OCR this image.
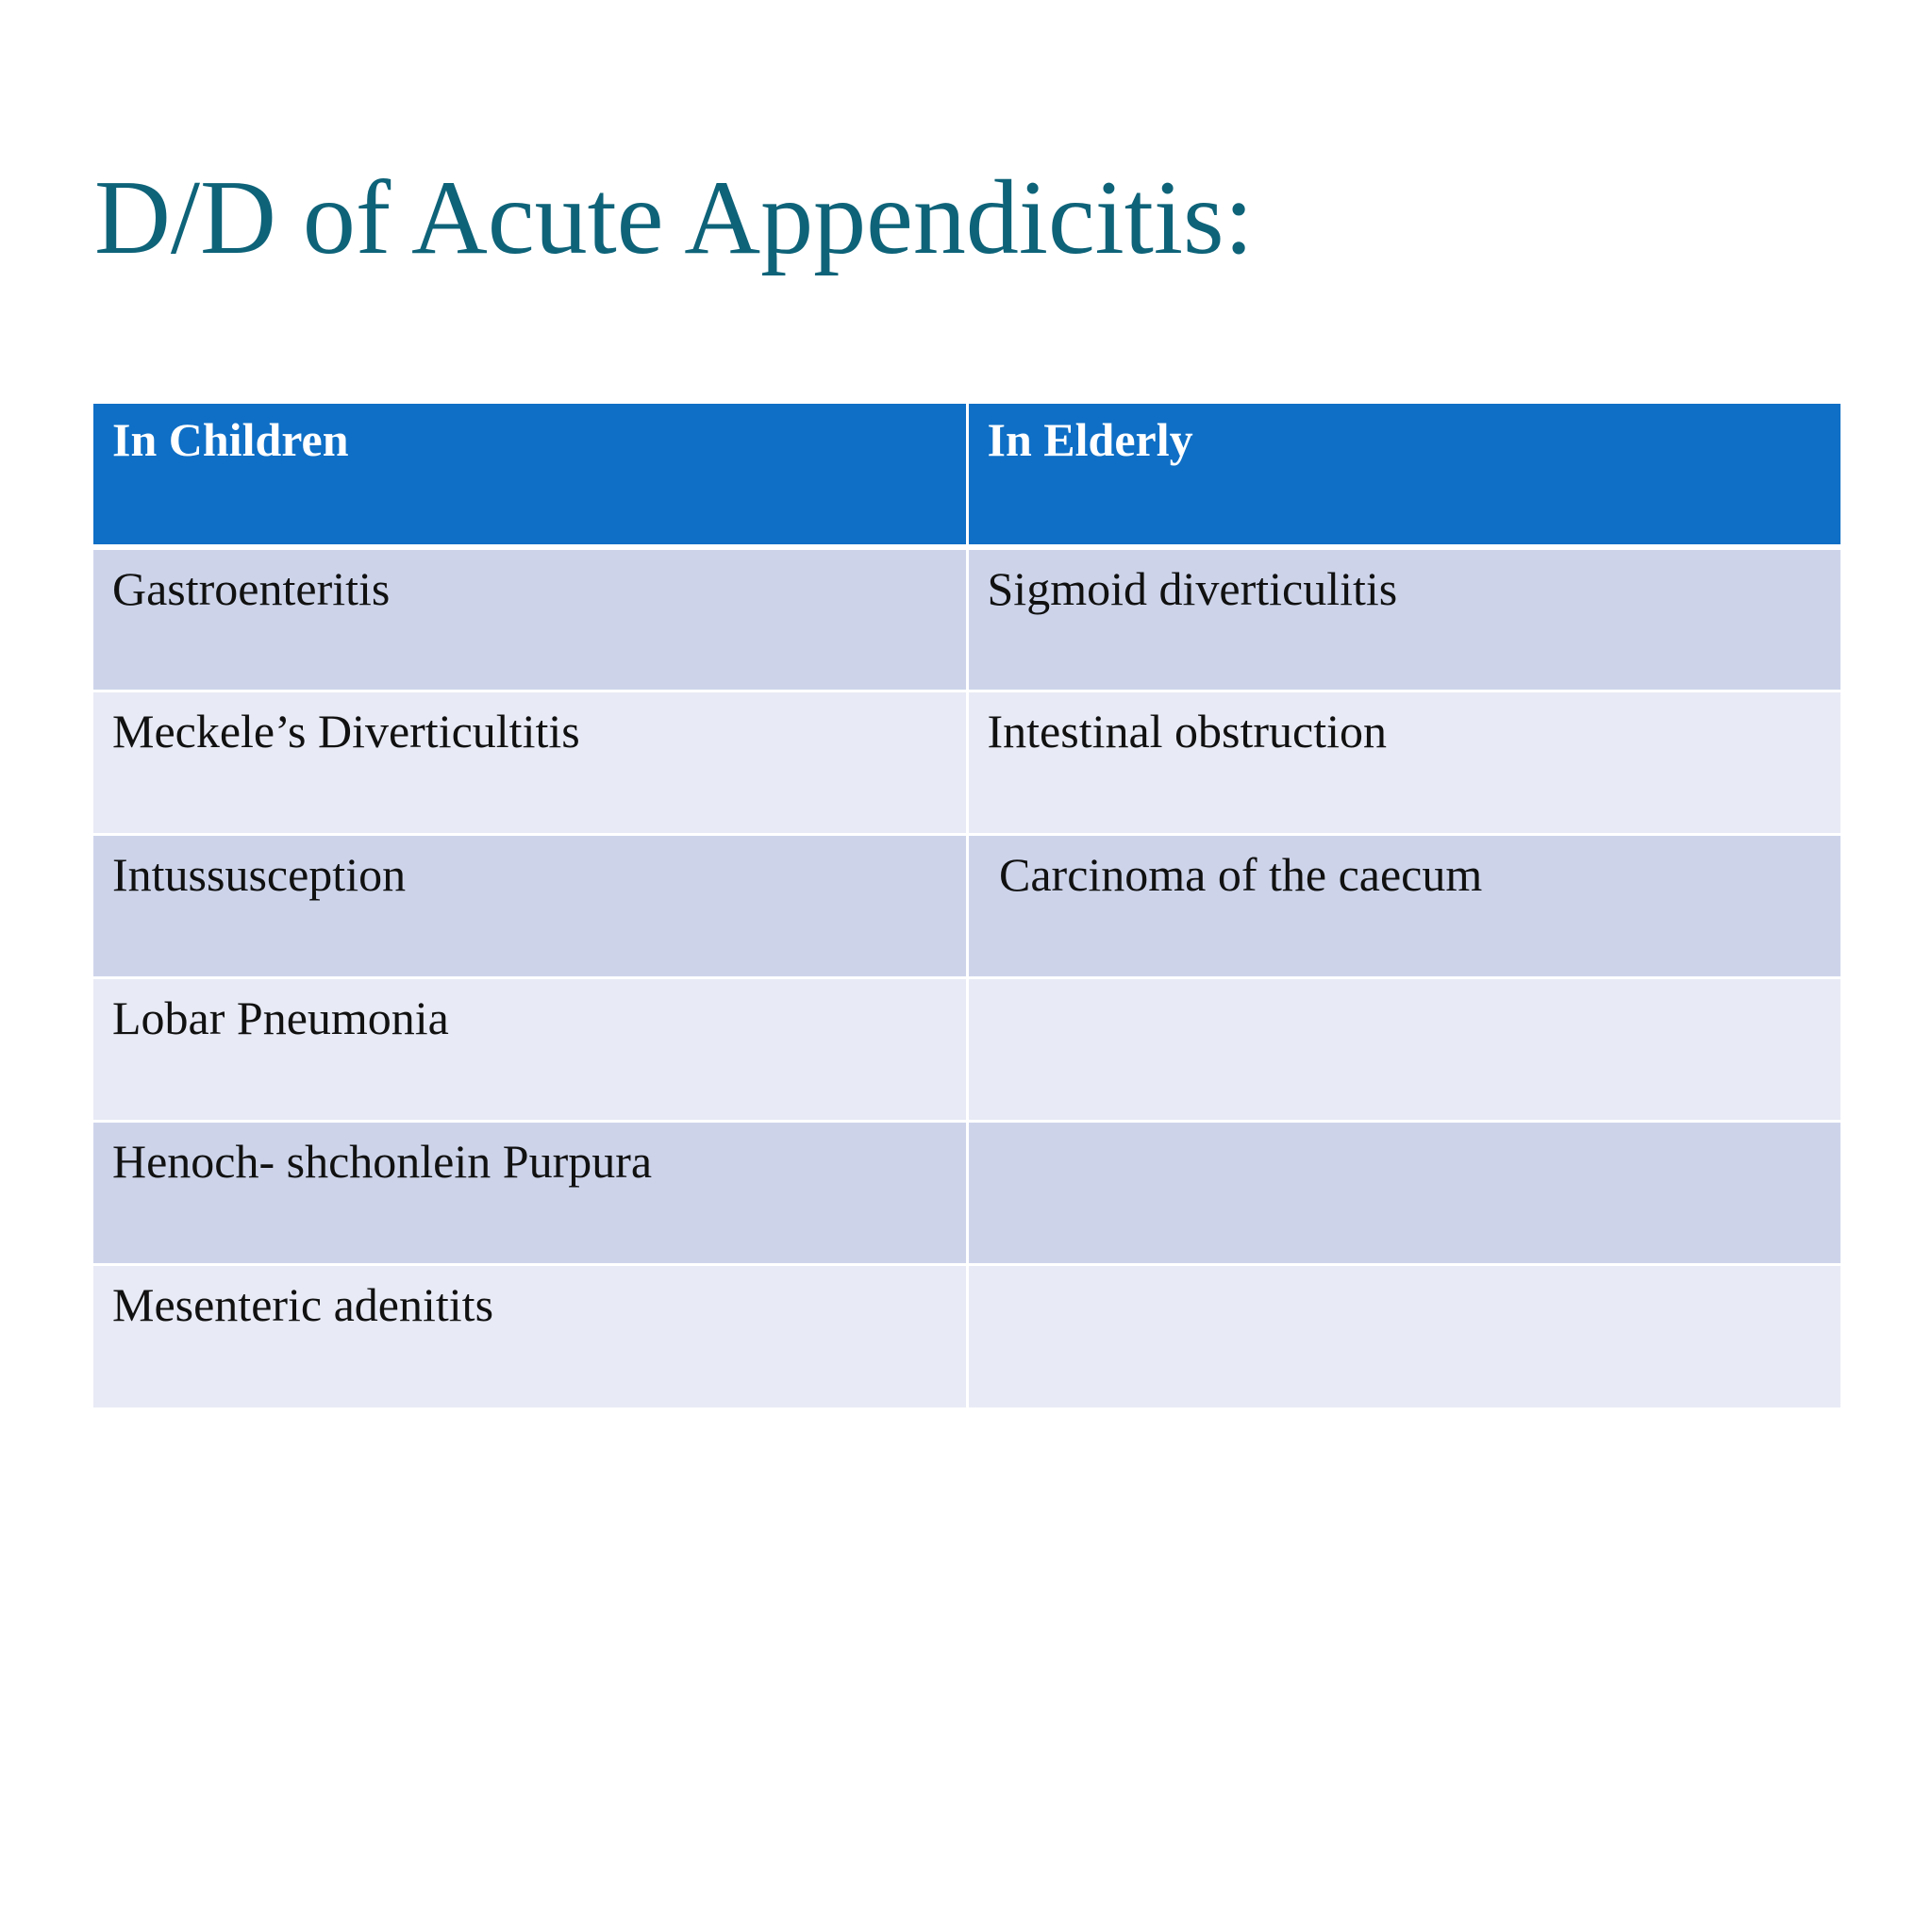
D/D of Acute Appendicitis:
In Children	In Elderly
Gastroenteritis	Sigmoid diverticulitis
Meckele’s Diverticultitis	Intestinal obstruction
Intussusception	Carcinoma of the caecum
Lobar Pneumonia	
Henoch- shchonlein Purpura	
Mesenteric adenitits	
